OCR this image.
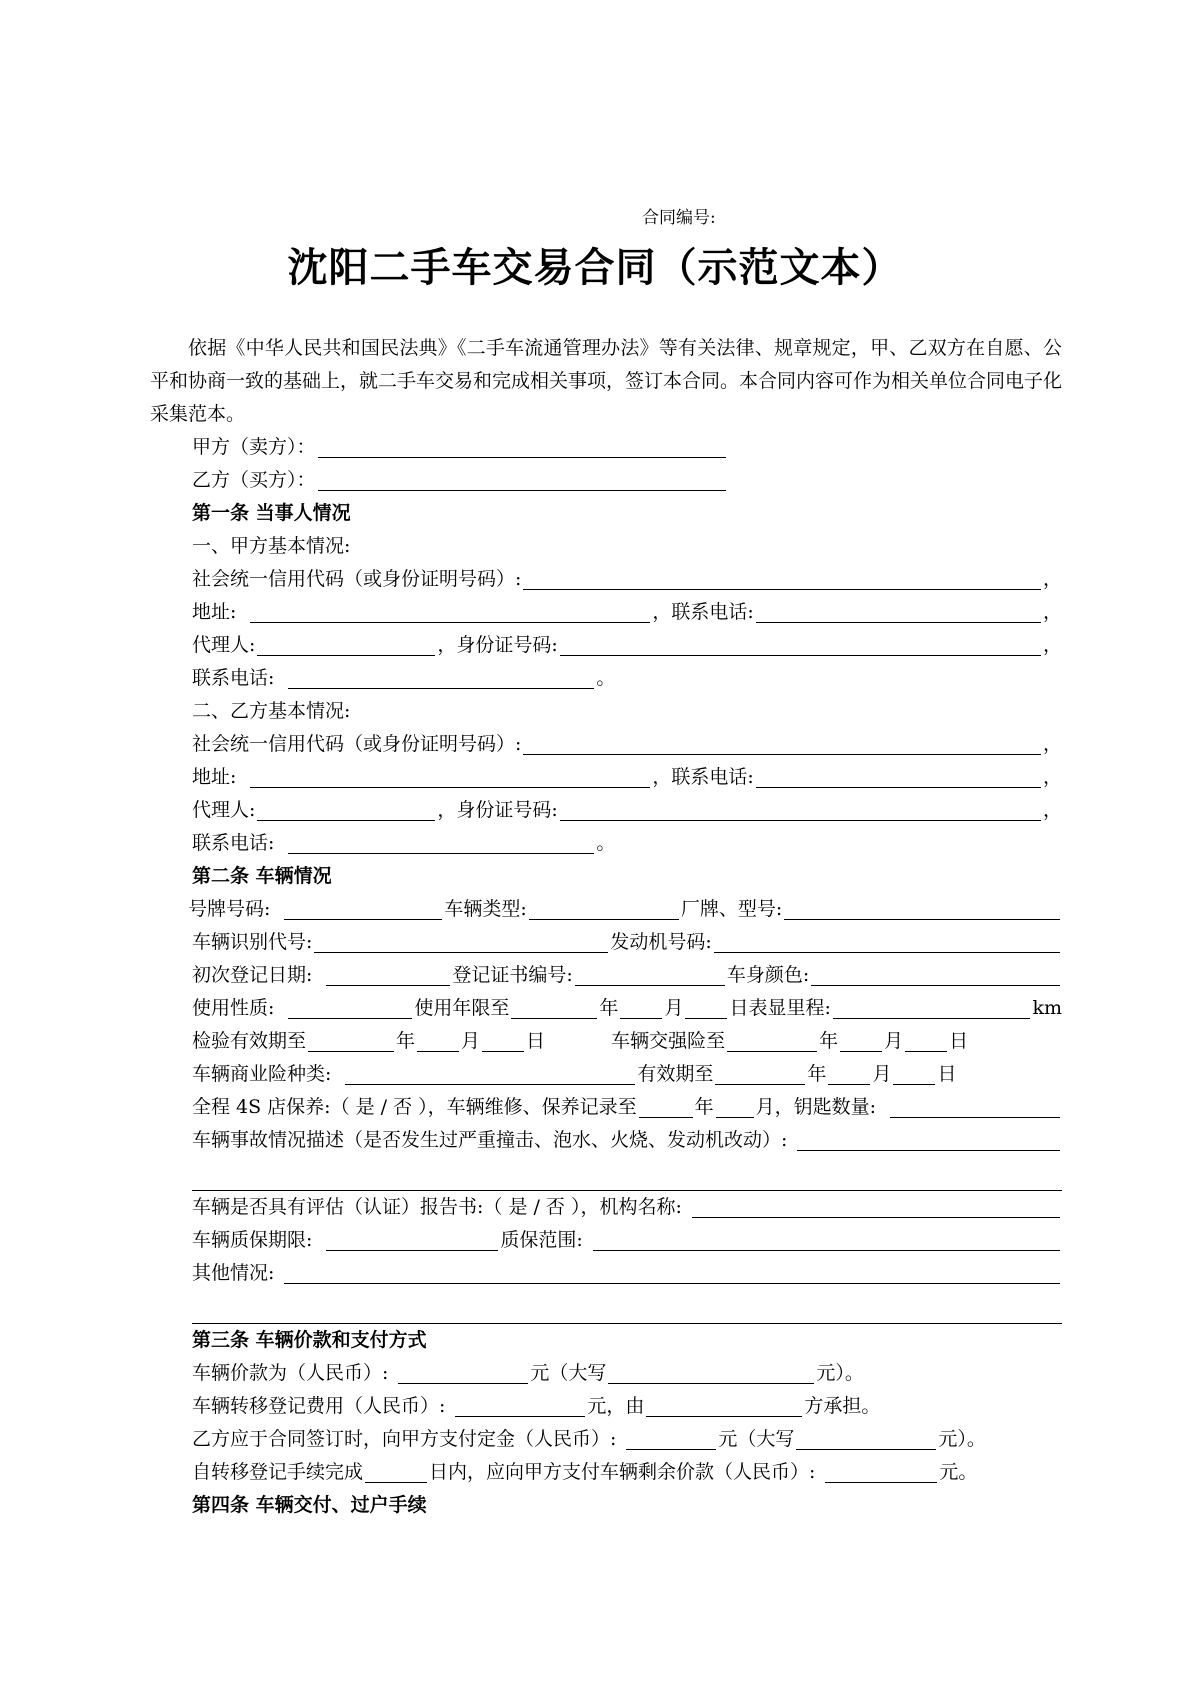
合同编号:
沈阳二手车交易合同（示范文本）

依据《中华人民共和国民法典》《二手车流通管理办法》等有关法律、规章规定，甲、乙双方在自愿、公平和协商一致的基础上，就二手车交易和完成相关事项，签订本合同。本合同内容可作为相关单位合同电子化采集范本。

甲方（卖方）：
乙方（买方）：
第一条 当事人情况
一、甲方基本情况:
社会统一信用代码（或身份证明号码）:	，
地址:	，联系电话:	，
代理人:	，身份证号码:	，
联系电话:	。
二、乙方基本情况:
社会统一信用代码（或身份证明号码）:	，
地址:	，联系电话:	，
代理人:	，身份证号码:	，
联系电话:	。
第二条 车辆情况
号牌号码:	车辆类型:	厂牌、型号:
车辆识别代号:	发动机号码:
初次登记日期:	登记证书编号:	车身颜色:
使用性质:	使用年限至	年 月 日表显里程:	km
检验有效期至	年 月 日	车辆交强险至	年 月 日
车辆商业险种类:	有效期至	年 月 日
全程 4S 店保养:（ 是 / 否 ），车辆维修、保养记录至	年 月，钥匙数量:
车辆事故情况描述（是否发生过严重撞击、泡水、火烧、发动机改动）:
车辆是否具有评估（认证）报告书:（ 是 / 否 ），机构名称:
车辆质保期限:	质保范围:
其他情况:
第三条 车辆价款和支付方式
车辆价款为（人民币）:	元（大写	元）。
车辆转移登记费用（人民币）:	元，由	方承担。
乙方应于合同签订时，向甲方支付定金（人民币）:	元（大写	元）。
自转移登记手续完成	日内，应向甲方支付车辆剩余价款（人民币）:	元。
第四条 车辆交付、过户手续
